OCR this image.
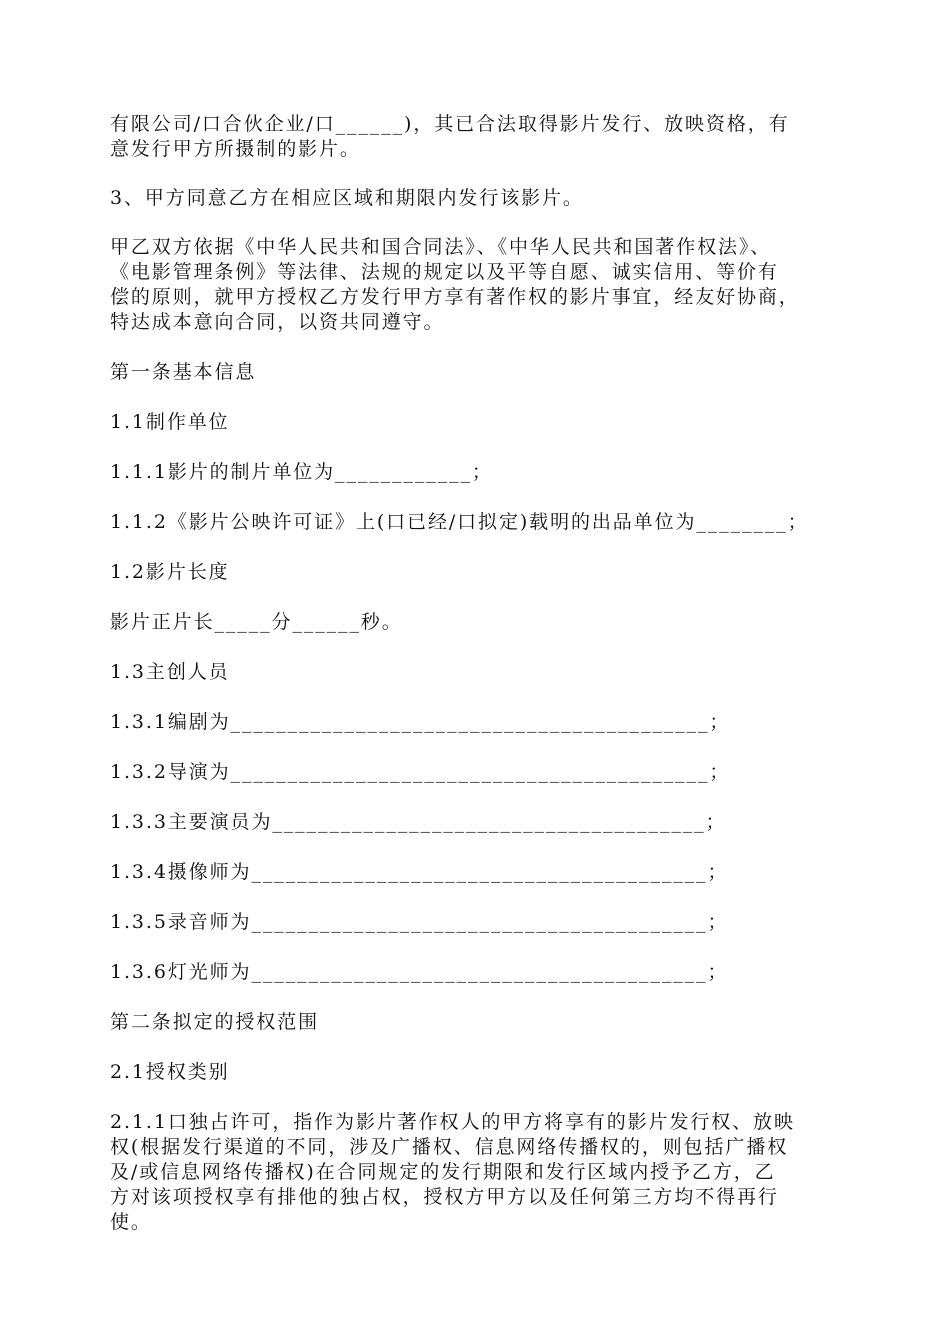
有限公司/口合伙企业/口______)，其已合法取得影片发行、放映资格，有
意发行甲方所摄制的影片。

3、甲方同意乙方在相应区域和期限内发行该影片。

甲乙双方依据《中华人民共和国合同法》、《中华人民共和国著作权法》、
《电影管理条例》等法律、法规的规定以及平等自愿、诚实信用、等价有
偿的原则，就甲方授权乙方发行甲方享有著作权的影片事宜，经友好协商，
特达成本意向合同，以资共同遵守。

第一条基本信息

1.1制作单位

1.1.1影片的制片单位为____________；

1.1.2《影片公映许可证》上(口已经/口拟定)载明的出品单位为________；

1.2影片长度

影片正片长_____分______秒。

1.3主创人员

1.3.1编剧为__________________________________________；

1.3.2导演为__________________________________________；

1.3.3主要演员为______________________________________；

1.3.4摄像师为________________________________________；

1.3.5录音师为________________________________________；

1.3.6灯光师为________________________________________；

第二条拟定的授权范围

2.1授权类别

2.1.1口独占许可，指作为影片著作权人的甲方将享有的影片发行权、放映
权(根据发行渠道的不同，涉及广播权、信息网络传播权的，则包括广播权
及/或信息网络传播权)在合同规定的发行期限和发行区域内授予乙方，乙
方对该项授权享有排他的独占权，授权方甲方以及任何第三方均不得再行
使。
